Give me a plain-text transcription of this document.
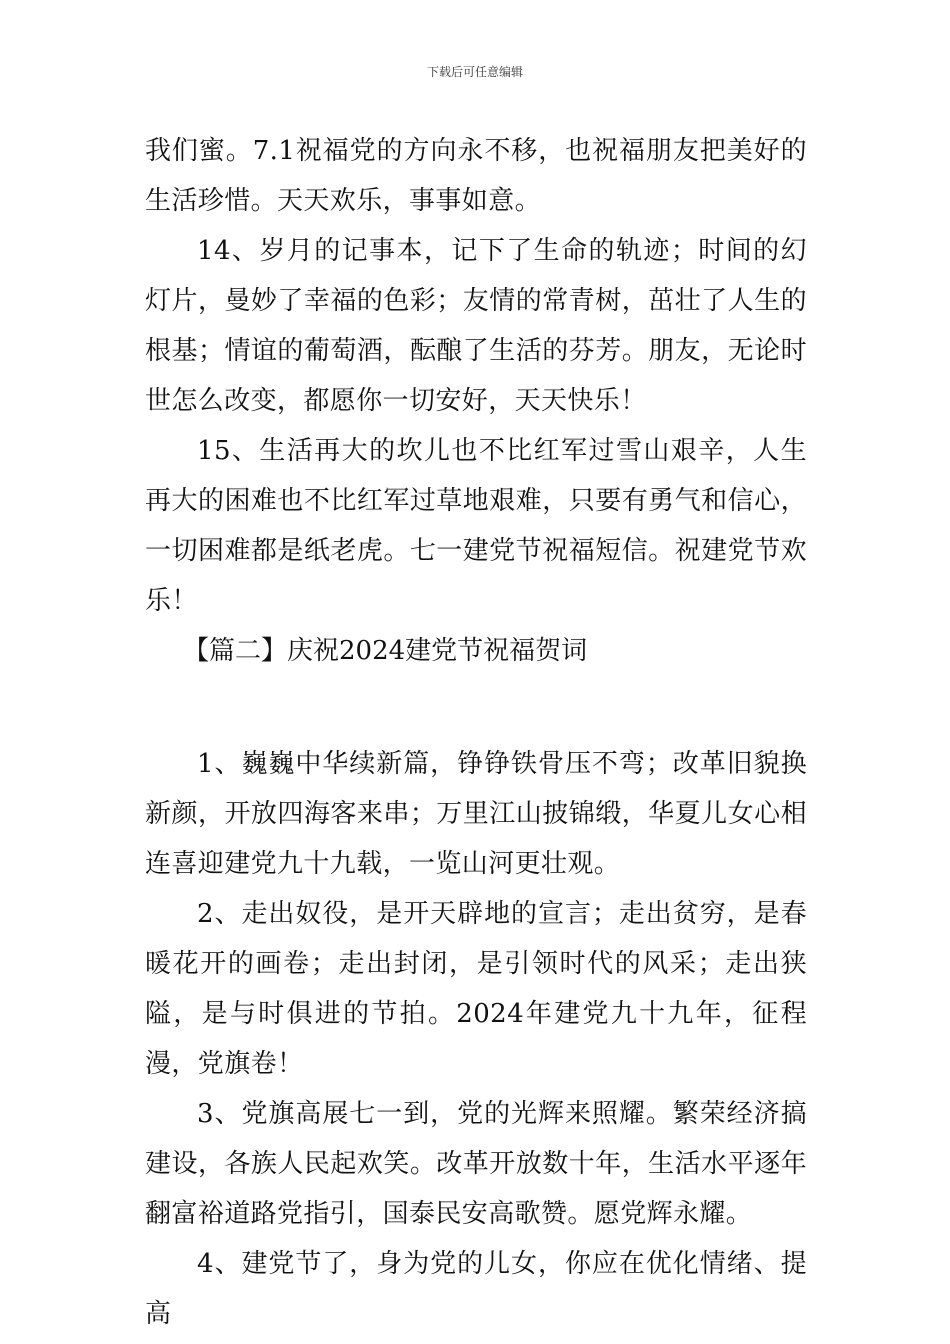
下载后可任意编辑

我们蜜。7.1祝福党的方向永不移，也祝福朋友把美好的生活珍惜。天天欢乐，事事如意。

14、岁月的记事本，记下了生命的轨迹；时间的幻灯片，曼妙了幸福的色彩；友情的常青树，茁壮了人生的根基；情谊的葡萄酒，酝酿了生活的芬芳。朋友，无论时世怎么改变，都愿你一切安好，天天快乐！

15、生活再大的坎儿也不比红军过雪山艰辛，人生再大的困难也不比红军过草地艰难，只要有勇气和信心，一切困难都是纸老虎。七一建党节祝福短信。祝建党节欢乐！

【篇二】庆祝2024建党节祝福贺词

1、巍巍中华续新篇，铮铮铁骨压不弯；改革旧貌换新颜，开放四海客来串；万里江山披锦缎，华夏儿女心相连喜迎建党九十九载，一览山河更壮观。

2、走出奴役，是开天辟地的宣言；走出贫穷，是春暖花开的画卷；走出封闭，是引领时代的风采；走出狭隘，是与时俱进的节拍。2024年建党九十九年，征程漫，党旗卷！

3、党旗高展七一到，党的光辉来照耀。繁荣经济搞建设，各族人民起欢笑。改革开放数十年，生活水平逐年翻富裕道路党指引，国泰民安高歌赞。愿党辉永耀。

4、建党节了，身为党的儿女，你应在优化情绪、提高
